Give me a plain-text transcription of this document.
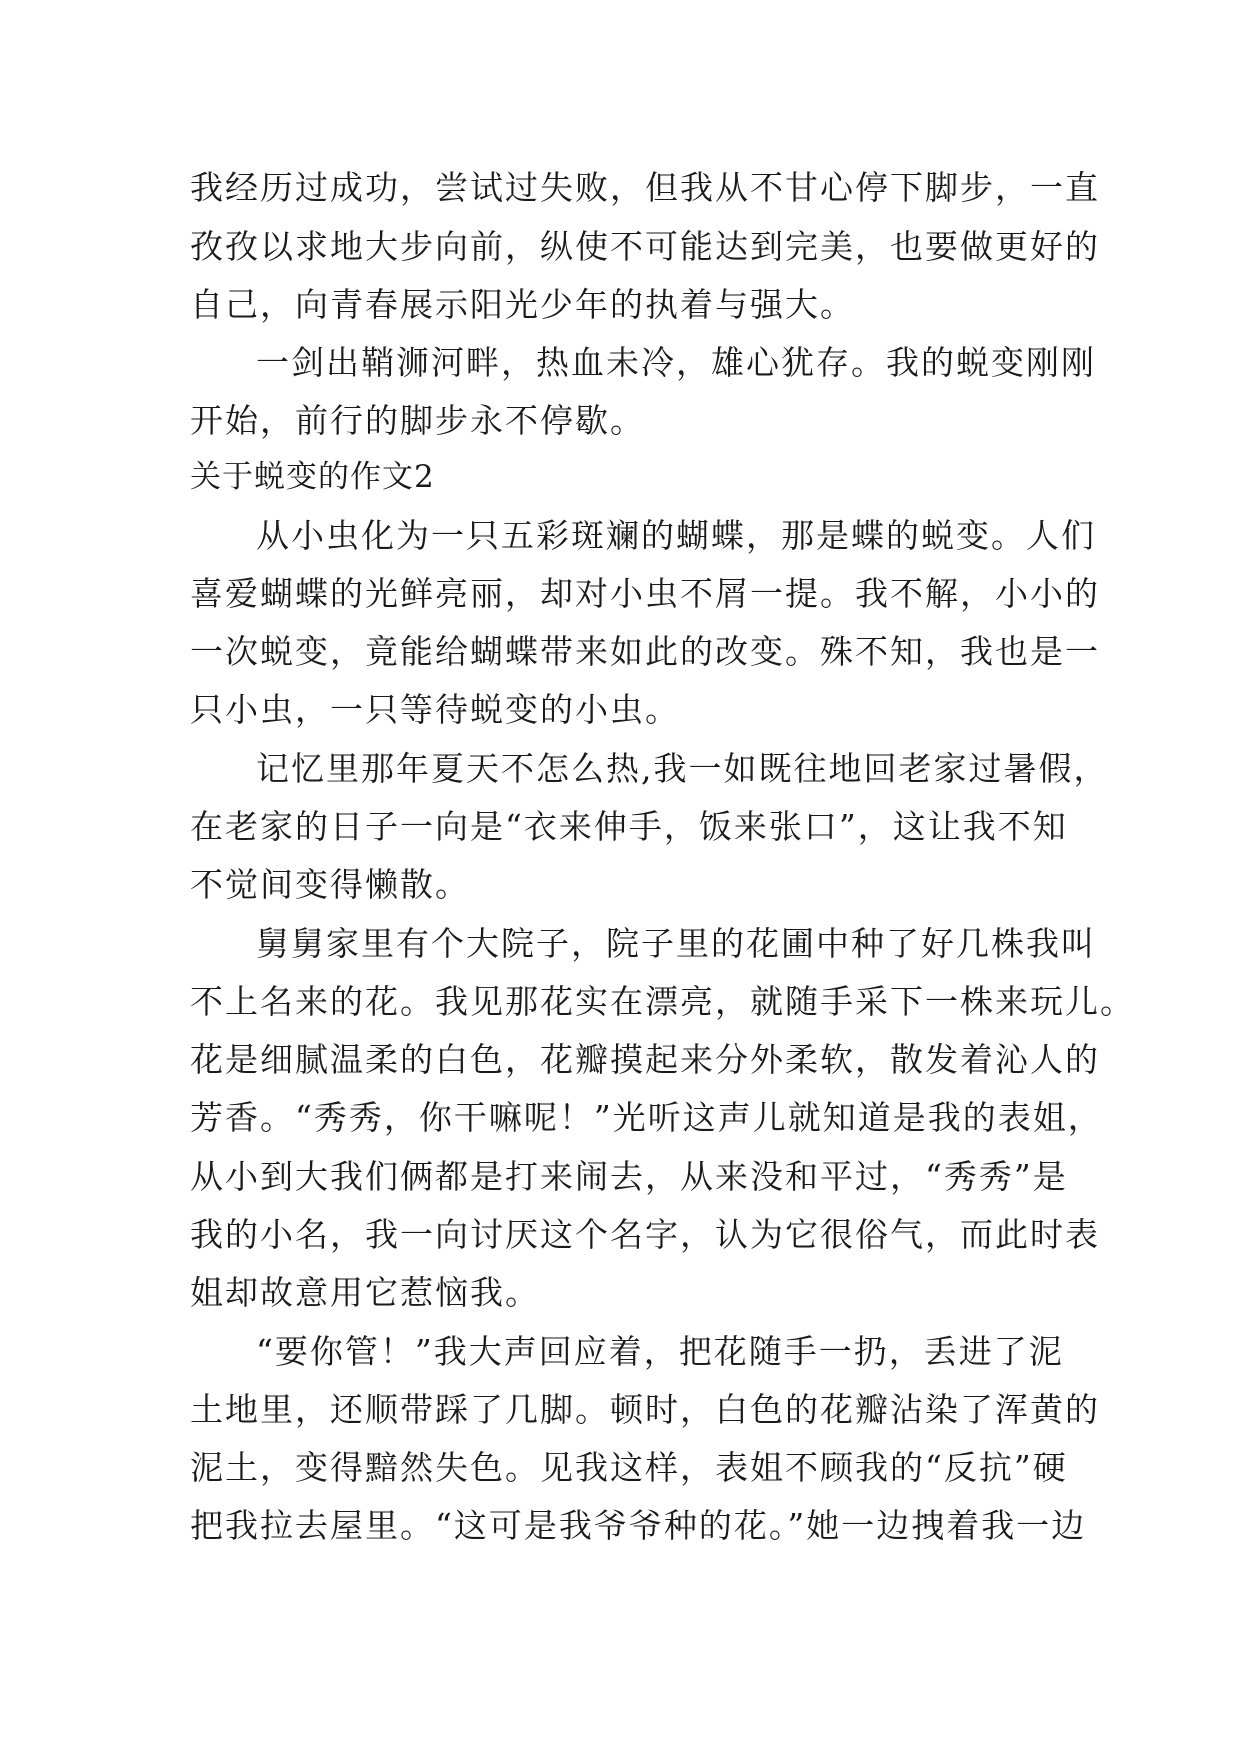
我经历过成功，尝试过失败，但我从不甘心停下脚步，一直
孜孜以求地大步向前，纵使不可能达到完美，也要做更好的
自己，向青春展示阳光少年的执着与强大。
一剑出鞘浉河畔，热血未冷，雄心犹存。我的蜕变刚刚
开始，前行的脚步永不停歇。
关于蜕变的作文2
从小虫化为一只五彩斑斓的蝴蝶，那是蝶的蜕变。人们
喜爱蝴蝶的光鲜亮丽，却对小虫不屑一提。我不解，小小的
一次蜕变，竟能给蝴蝶带来如此的改变。殊不知，我也是一
只小虫，一只等待蜕变的小虫。
记忆里那年夏天不怎么热,我一如既往地回老家过暑假，
在老家的日子一向是“衣来伸手，饭来张口”，这让我不知
不觉间变得懒散。
舅舅家里有个大院子，院子里的花圃中种了好几株我叫
不上名来的花。我见那花实在漂亮，就随手采下一株来玩儿。
花是细腻温柔的白色，花瓣摸起来分外柔软，散发着沁人的
芳香。“秀秀，你干嘛呢！”光听这声儿就知道是我的表姐，
从小到大我们俩都是打来闹去，从来没和平过，“秀秀”是
我的小名，我一向讨厌这个名字，认为它很俗气，而此时表
姐却故意用它惹恼我。
“要你管！”我大声回应着，把花随手一扔，丢进了泥
土地里，还顺带踩了几脚。顿时，白色的花瓣沾染了浑黄的
泥土，变得黯然失色。见我这样，表姐不顾我的“反抗”硬
把我拉去屋里。“这可是我爷爷种的花。”她一边拽着我一边
